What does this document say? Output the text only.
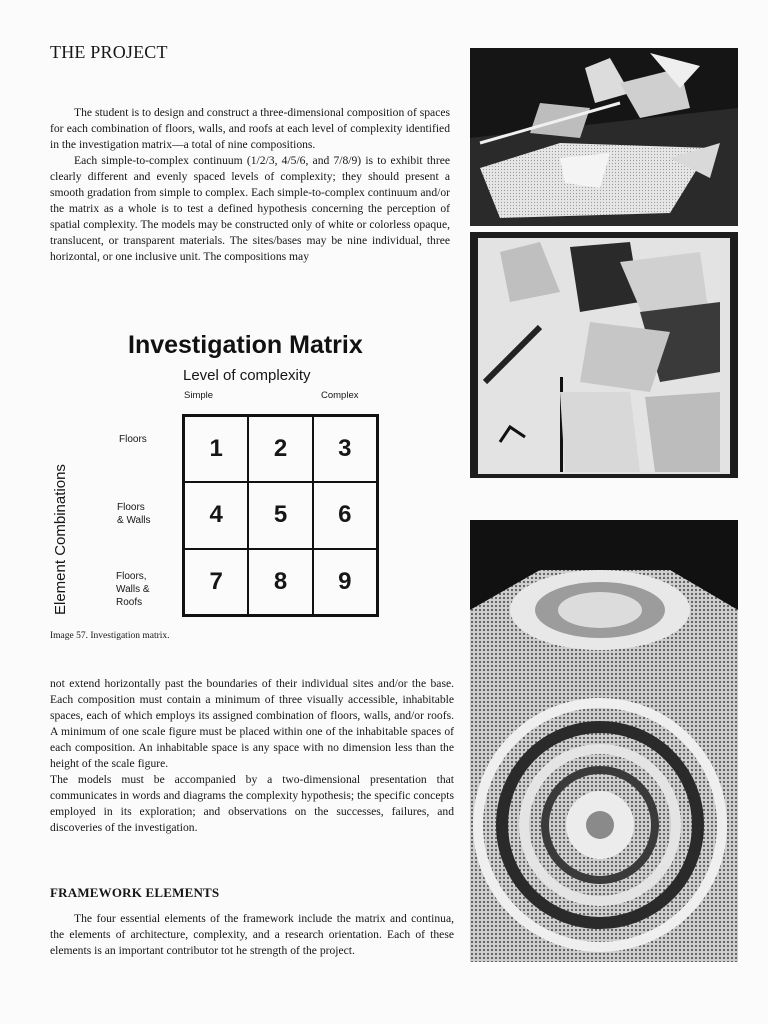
THE PROJECT

The student is to design and construct a three-dimensional composition of spaces for each combination of floors, walls, and roofs at each level of complexity identified in the investigation matrix—a total of nine compositions.

Each simple-to-complex continuum (1/2/3, 4/5/6, and 7/8/9) is to exhibit three clearly different and evenly spaced levels of complexity; they should present a smooth gradation from simple to complex. Each simple-to-complex continuum and/or the matrix as a whole is to test a defined hypothesis concerning the perception of spatial complexity. The models may be constructed only of white or colorless opaque, translucent, or transparent materials. The sites/bases may be nine individual, three horizontal, or one inclusive unit. The compositions may

Investigation Matrix
Level of complexity
Simple	Complex
Element Combinations
Floors
Floors
& Walls
Floors,
Walls &
Roofs
1	2	3
4	5	6
7	8	9
Image 57. Investigation matrix.

not extend horizontally past the boundaries of their individual sites and/or the base. Each composition must contain a minimum of three visually accessible, inhabitable spaces, each of which employs its assigned combination of floors, walls, and/or roofs. A minimum of one scale figure must be placed within one of the inhabitable spaces of each composition. An inhabitable space is any space with no dimension less than the height of the scale figure.

The models must be accompanied by a two-dimensional presentation that communicates in words and diagrams the complexity hypothesis; the specific concepts employed in its exploration; and observations on the successes, failures, and discoveries of the investigation.

FRAMEWORK ELEMENTS

The four essential elements of the framework include the matrix and continua, the elements of architecture, complexity, and a research orientation. Each of these elements is an important contributor tot he strength of the project.
